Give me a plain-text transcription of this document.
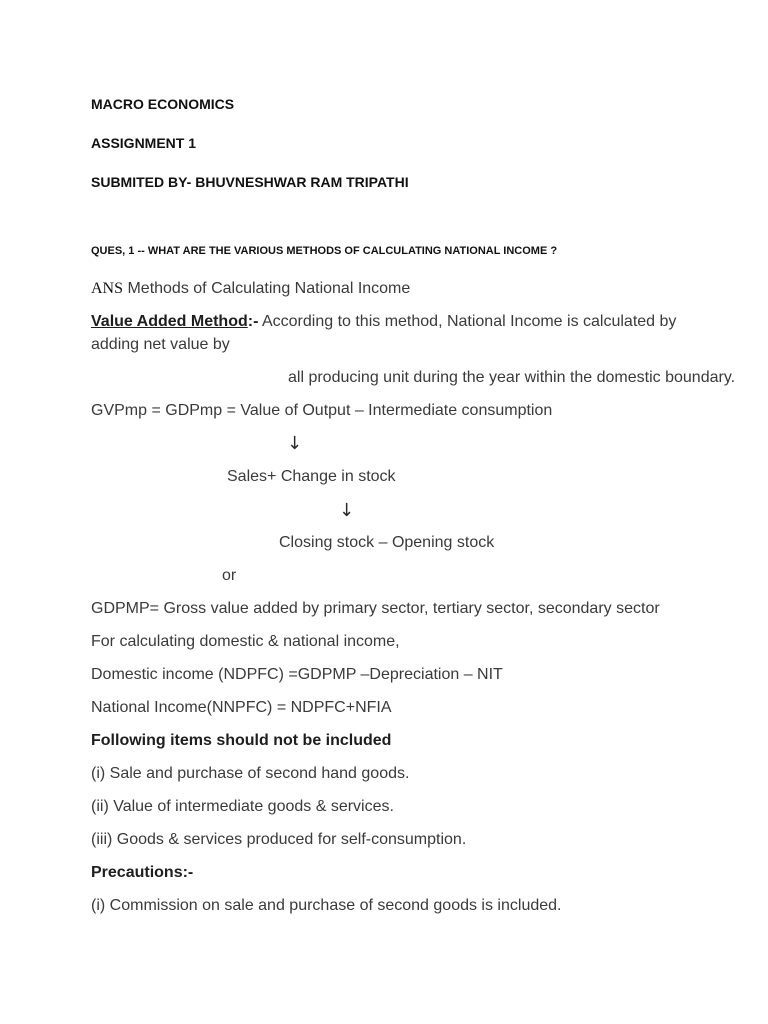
MACRO ECONOMICS
ASSIGNMENT 1
SUBMITED BY- BHUVNESHWAR RAM TRIPATHI
QUES, 1 -- WHAT ARE THE VARIOUS METHODS OF CALCULATING NATIONAL INCOME ?
ANS Methods of Calculating National Income
Value Added Method:- According to this method, National Income is calculated by
adding net value by
all producing unit during the year within the domestic boundary.
GVPmp = GDPmp = Value of Output – Intermediate consumption
↓
Sales+ Change in stock
↓
Closing stock – Opening stock
or
GDPMP= Gross value added by primary sector, tertiary sector, secondary sector
For calculating domestic & national income,
Domestic income (NDPFC) =GDPMP –Depreciation – NIT
National Income(NNPFC) = NDPFC+NFIA
Following items should not be included
(i) Sale and purchase of second hand goods.
(ii) Value of intermediate goods & services.
(iii) Goods & services produced for self-consumption.
Precautions:-
(i) Commission on sale and purchase of second goods is included.
